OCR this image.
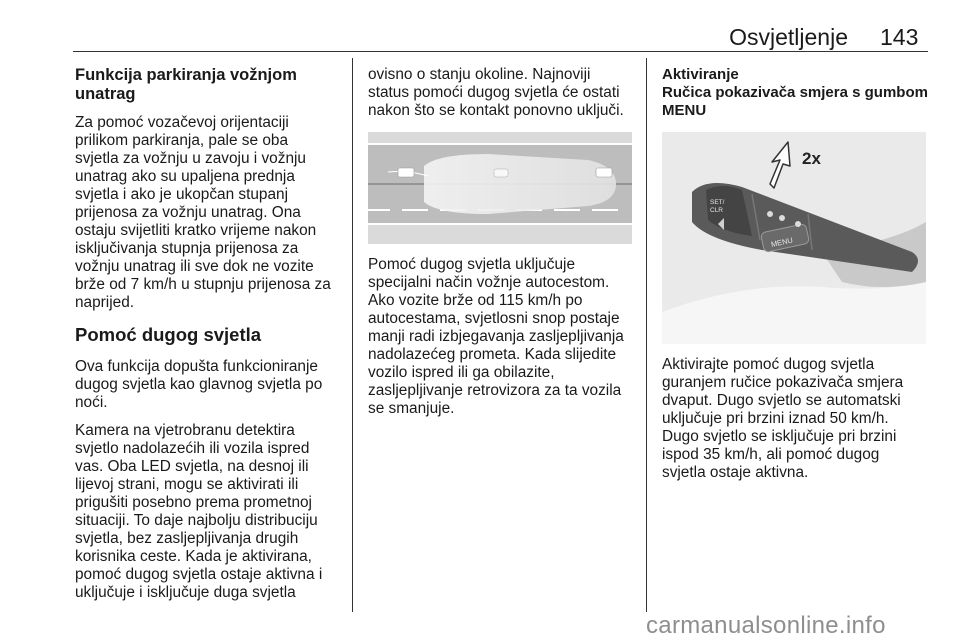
Osvjetljenje 143
Funkcija parkiranja vožnjom
unatrag

Za pomoć vozačevoj orijentaciji
prilikom parkiranja, pale se oba
svjetla za vožnju u zavoju i vožnju
unatrag ako su upaljena prednja
svjetla i ako je ukopčan stupanj
prijenosa za vožnju unatrag. Ona
ostaju svijetliti kratko vrijeme nakon
isključivanja stupnja prijenosa za
vožnju unatrag ili sve dok ne vozite
brže od 7 km/h u stupnju prijenosa za
naprijed.

Pomoć dugog svjetla

Ova funkcija dopušta funkcioniranje
dugog svjetla kao glavnog svjetla po
noći.

Kamera na vjetrobranu detektira
svjetlo nadolazećih ili vozila ispred
vas. Oba LED svjetla, na desnoj ili
lijevoj strani, mogu se aktivirati ili
prigušiti posebno prema prometnoj
situaciji. To daje najbolju distribuciju
svjetla, bez zasljepljivanja drugih
korisnika ceste. Kada je aktivirana,
pomoć dugog svjetla ostaje aktivna i
uključuje i isključuje duga svjetla

ovisno o stanju okoline. Najnoviji
status pomoći dugog svjetla će ostati
nakon što se kontakt ponovno uključi.

Pomoć dugog svjetla uključuje
specijalni način vožnje autocestom.
Ako vozite brže od 115 km/h po
autocestama, svjetlosni snop postaje
manji radi izbjegavanja zasljepljivanja
nadolazećeg prometa. Kada slijedite
vozilo ispred ili ga obilazite,
zasljepljivanje retrovizora za ta vozila
se smanjuje.

Aktiviranje
Ručica pokazivača smjera s gumbom
MENU
MENU
SET/
CLR
2x

Aktivirajte pomoć dugog svjetla
guranjem ručice pokazivača smjera
dvaput. Dugo svjetlo se automatski
uključuje pri brzini iznad 50 km/h.
Dugo svjetlo se isključuje pri brzini
ispod 35 km/h, ali pomoć dugog
svjetla ostaje aktivna.

carmanualsonline.info
